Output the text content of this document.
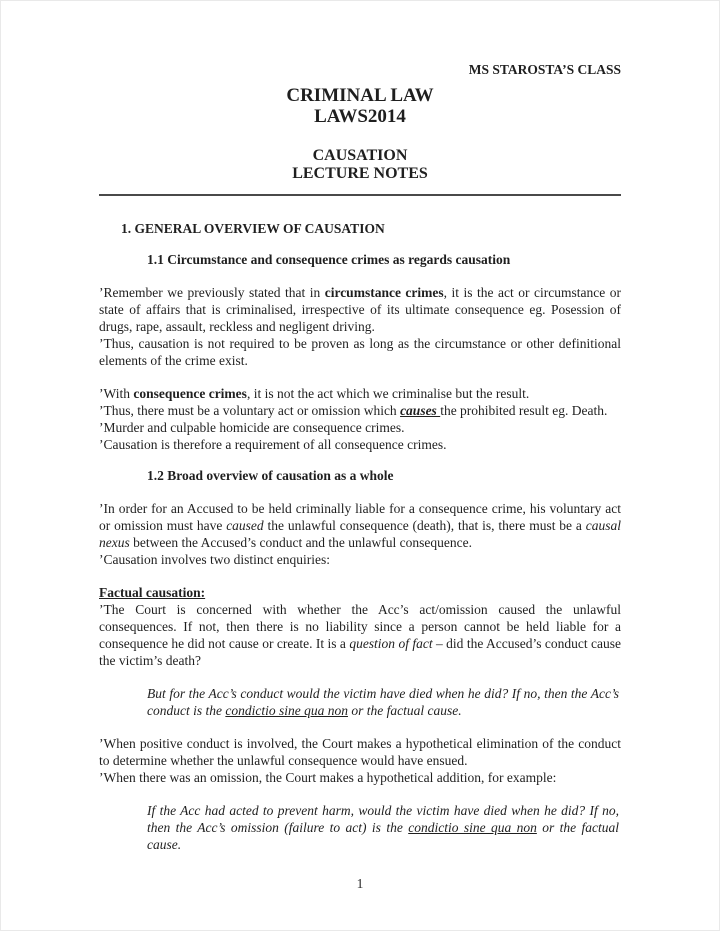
MS STAROSTA’S CLASS
CRIMINAL LAW
LAWS2014
CAUSATION
LECTURE NOTES
1. GENERAL OVERVIEW OF CAUSATION
1.1 Circumstance and consequence crimes as regards causation
’Remember we previously stated that in circumstance crimes, it is the act or circumstance or state of affairs that is criminalised, irrespective of its ultimate consequence eg. Posession of drugs, rape, assault, reckless and negligent driving.
’Thus, causation is not required to be proven as long as the circumstance or other definitional elements of the crime exist.
’With consequence crimes, it is not the act which we criminalise but the result.
’Thus, there must be a voluntary act or omission which causes the prohibited result eg. Death.
’Murder and culpable homicide are consequence crimes.
’Causation is therefore a requirement of all consequence crimes.
1.2 Broad overview of causation as a whole
’In order for an Accused to be held criminally liable for a consequence crime, his voluntary act or omission must have caused the unlawful consequence (death), that is, there must be a causal nexus between the Accused’s conduct and the unlawful consequence.
’Causation involves two distinct enquiries:
Factual causation:
’The Court is concerned with whether the Acc’s act/omission caused the unlawful consequences. If not, then there is no liability since a person cannot be held liable for a consequence he did not cause or create. It is a question of fact – did the Accused’s conduct cause the victim’s death?
But for the Acc’s conduct would the victim have died when he did? If no, then the Acc’s conduct is the condictio sine qua non or the factual cause.
’When positive conduct is involved, the Court makes a hypothetical elimination of the conduct to determine whether the unlawful consequence would have ensued.
’When there was an omission, the Court makes a hypothetical addition, for example:
If the Acc had acted to prevent harm, would the victim have died when he did? If no, then the Acc’s omission (failure to act) is the condictio sine qua non or the factual cause.
1
